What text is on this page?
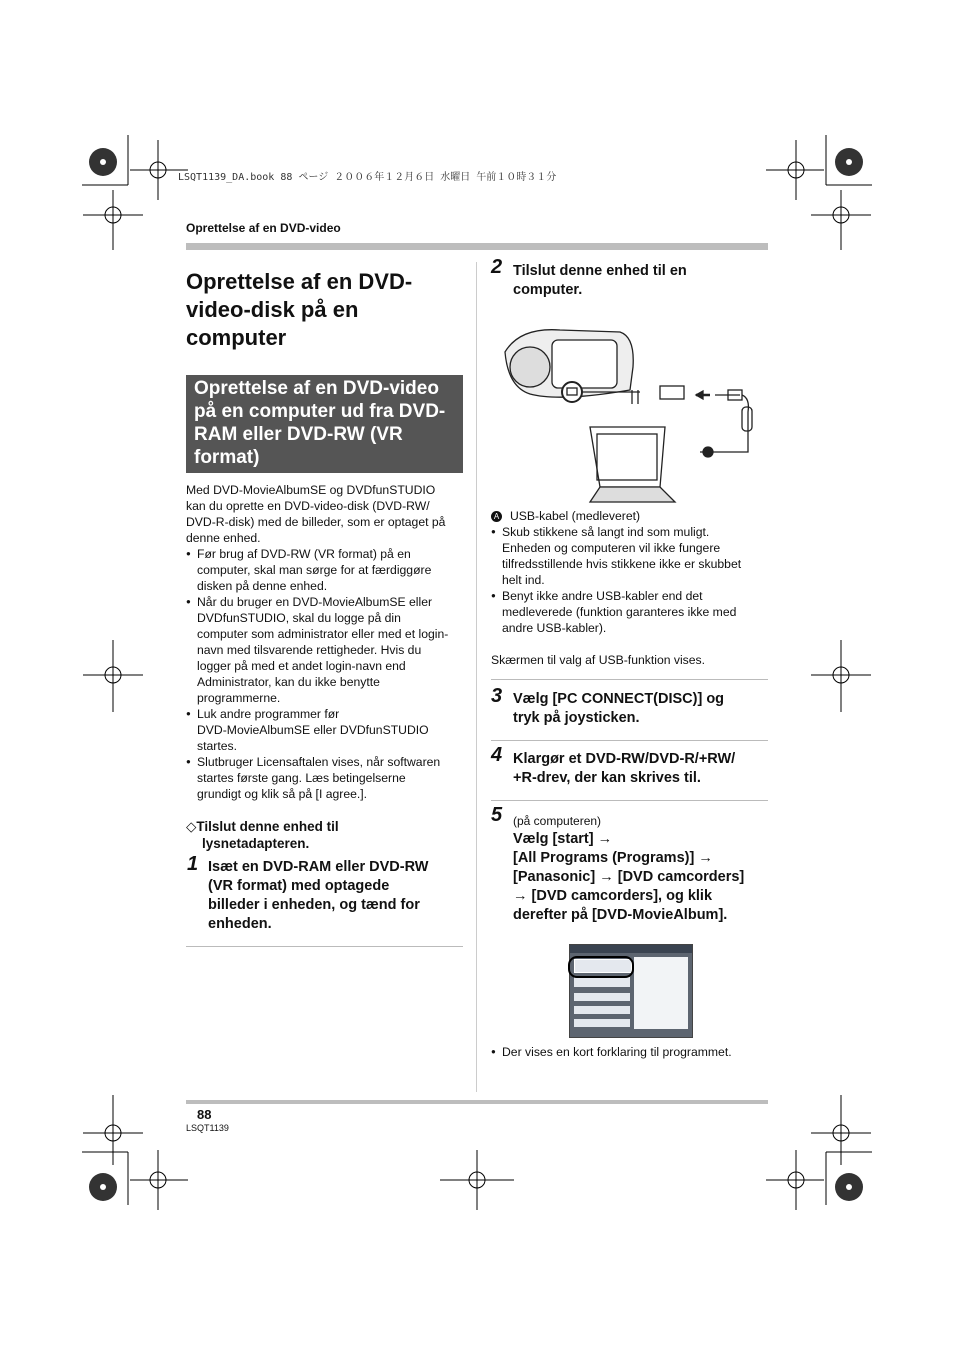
LSQT1139_DA.book 88 ページ ２００６年１２月６日 水曜日 午前１０時３１分
Oprettelse af en DVD-video
Oprettelse af en DVD-
video-disk på en
computer
Oprettelse af en DVD-video
på en computer ud fra DVD-
RAM eller DVD-RW (VR
format)
Med DVD-MovieAlbumSE og DVDfunSTUDIO
kan du oprette en DVD-video-disk (DVD-RW/
DVD-R-disk) med de billeder, som er optaget på
denne enhed.
● Før brug af DVD-RW (VR format) på en
computer, skal man sørge for at færdiggøre
disken på denne enhed.
● Når du bruger en DVD-MovieAlbumSE eller
DVDfunSTUDIO, skal du logge på din
computer som administrator eller med et login-
navn med tilsvarende rettigheder. Hvis du
logger på med et andet login-navn end
Administrator, kan du ikke benytte
programmerne.
● Luk andre programmer før
DVD-MovieAlbumSE eller DVDfunSTUDIO
startes.
● Slutbruger Licensaftalen vises, når softwaren
startes første gang. Læs betingelserne
grundigt og klik så på [I agree.].
◇Tilslut denne enhed til
lysnetadapteren.
1 Isæt en DVD-RAM eller DVD-RW
(VR format) med optagede
billeder i enheden, og tænd for
enheden.
2 Tilslut denne enhed til en
computer.
A USB-kabel (medleveret)
● Skub stikkene så langt ind som muligt.
Enheden og computeren vil ikke fungere
tilfredsstillende hvis stikkene ikke er skubbet
helt ind.
● Benyt ikke andre USB-kabler end det
medleverede (funktion garanteres ikke med
andre USB-kabler).
Skærmen til valg af USB-funktion vises.
3 Vælg [PC CONNECT(DISC)] og
tryk på joysticken.
4 Klargør et DVD-RW/DVD-R/+RW/
+R-drev, der kan skrives til.
5 (på computeren)
Vælg [start] →
[All Programs (Programs)] →
[Panasonic] → [DVD camcorders]
→ [DVD camcorders], og klik
derefter på [DVD-MovieAlbum].
● Der vises en kort forklaring til programmet.
88
LSQT1139
